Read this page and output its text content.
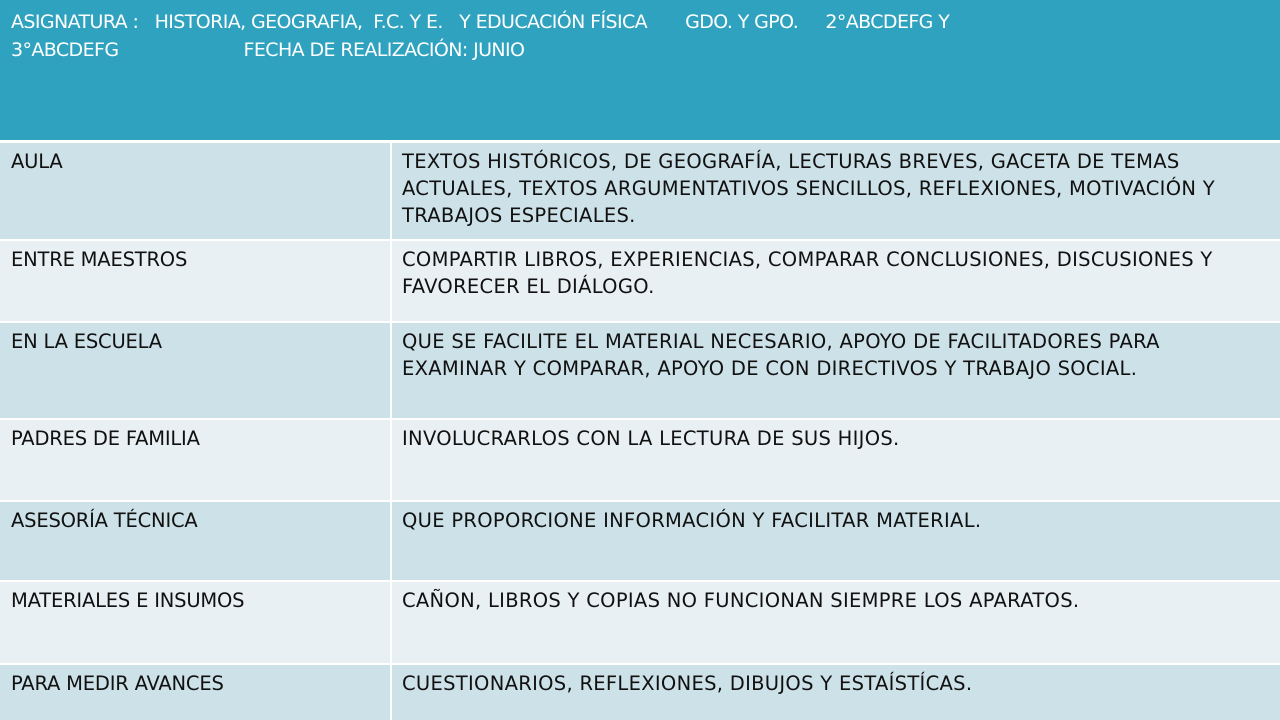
ASIGNATURA :   HISTORIA, GEOGRAFIA,  F.C. Y E.   Y EDUCACIÓN FÍSICA       GDO. Y GPO.     2°ABCDEFG Y
3°ABCDEFG                       FECHA DE REALIZACIÓN: JUNIO
AULA	TEXTOS HISTÓRICOS, DE GEOGRAFÍA, LECTURAS BREVES, GACETA DE TEMAS ACTUALES, TEXTOS ARGUMENTATIVOS SENCILLOS, REFLEXIONES, MOTIVACIÓN Y TRABAJOS ESPECIALES.
ENTRE MAESTROS	COMPARTIR LIBROS, EXPERIENCIAS, COMPARAR CONCLUSIONES, DISCUSIONES Y FAVORECER EL DIÁLOGO.
EN LA ESCUELA	QUE SE FACILITE EL MATERIAL NECESARIO, APOYO DE FACILITADORES PARA EXAMINAR Y COMPARAR, APOYO DE CON DIRECTIVOS Y TRABAJO SOCIAL.
PADRES DE FAMILIA	INVOLUCRARLOS CON LA LECTURA DE SUS HIJOS.
ASESORÍA TÉCNICA	QUE PROPORCIONE INFORMACIÓN Y FACILITAR MATERIAL.
MATERIALES E INSUMOS	CAÑON, LIBROS Y COPIAS NO FUNCIONAN SIEMPRE LOS APARATOS.
PARA MEDIR AVANCES	CUESTIONARIOS, REFLEXIONES, DIBUJOS Y ESTAÍSTÍCAS.
